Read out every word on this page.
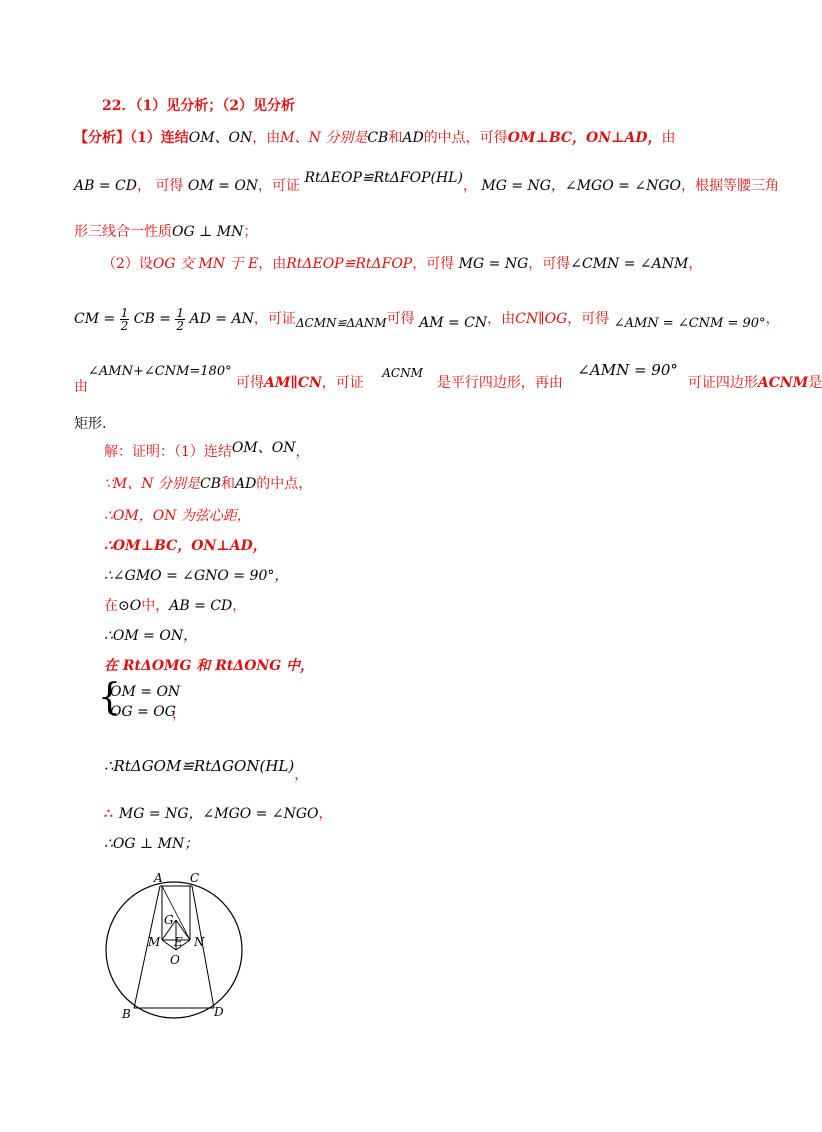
22．（1）见分析；（2）见分析
【分析】（1）连结OM、ON，由M、N 分别是CB和AD的中点，可得OM⊥BC，ON⊥AD，由
AB = CD， 可得 OM = ON，可证 RtΔEOP≌RtΔFOP(HL)， MG = NG，∠MGO = ∠NGO，根据等腰三角
形三线合一性质OG ⊥ MN；
（2）设OG 交 MN 于 E，由RtΔEOP≌RtΔFOP，可得 MG = NG，可得∠CMN = ∠ANM，
CM = $\frac{1}{2}$ CB = $\frac{1}{2}$ AD = AN，可证ΔCMN≌ΔANM可得 AM = CN，由CN∥OG，可得 ∠AMN = ∠CNM = 90°，
由∠AMN+∠CNM=180° 可得AM∥CN，可证 ACNM是平行四边形，再由 ∠AMN = 90°可证四边形ACNM是
矩形.
解：证明：（1）连结OM、ON，
∵M、N 分别是CB和AD的中点，
∴OM，ON 为弦心距，
∴OM⊥BC，ON⊥AD，
∴∠GMO = ∠GNO = 90°，
在⊙O中，AB = CD，
∴OM = ON，
在 RtΔOMG 和 RtΔONG 中，
{
OM = ON
OG = OG
，
∴RtΔGOM≌RtΔGON(HL)，
∴ MG = NG，∠MGO = ∠NGO，
∴OG ⊥ MN；
A C
G
M E N
O
B	D
